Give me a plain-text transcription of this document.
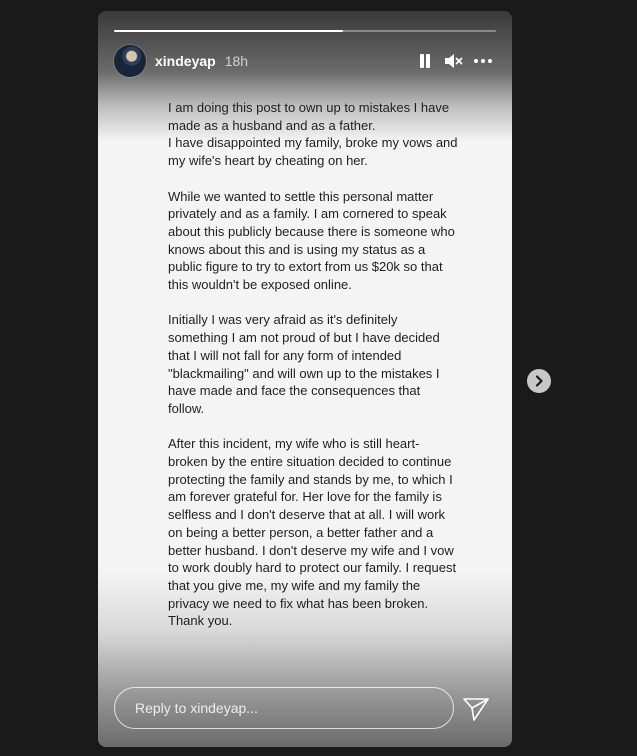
xindeyap 18h

I am doing this post to own up to mistakes I have made as a husband and as a father.
I have disappointed my family, broke my vows and my wife's heart by cheating on her.

While we wanted to settle this personal matter privately and as a family. I am cornered to speak about this publicly because there is someone who knows about this and is using my status as a public figure to try to extort from us $20k so that this wouldn't be exposed online.

Initially I was very afraid as it's definitely something I am not proud of but I have decided that I will not fall for any form of intended "blackmailing" and will own up to the mistakes I have made and face the consequences that follow.

After this incident, my wife who is still heart-broken by the entire situation decided to continue protecting the family and stands by me, to which I am forever grateful for. Her love for the family is selfless and I don't deserve that at all. I will work on being a better person, a better father and a better husband. I don't deserve my wife and I vow to work doubly hard to protect our family. I request that you give me, my wife and my family the privacy we need to fix what has been broken. Thank you.

Reply to xindeyap...
